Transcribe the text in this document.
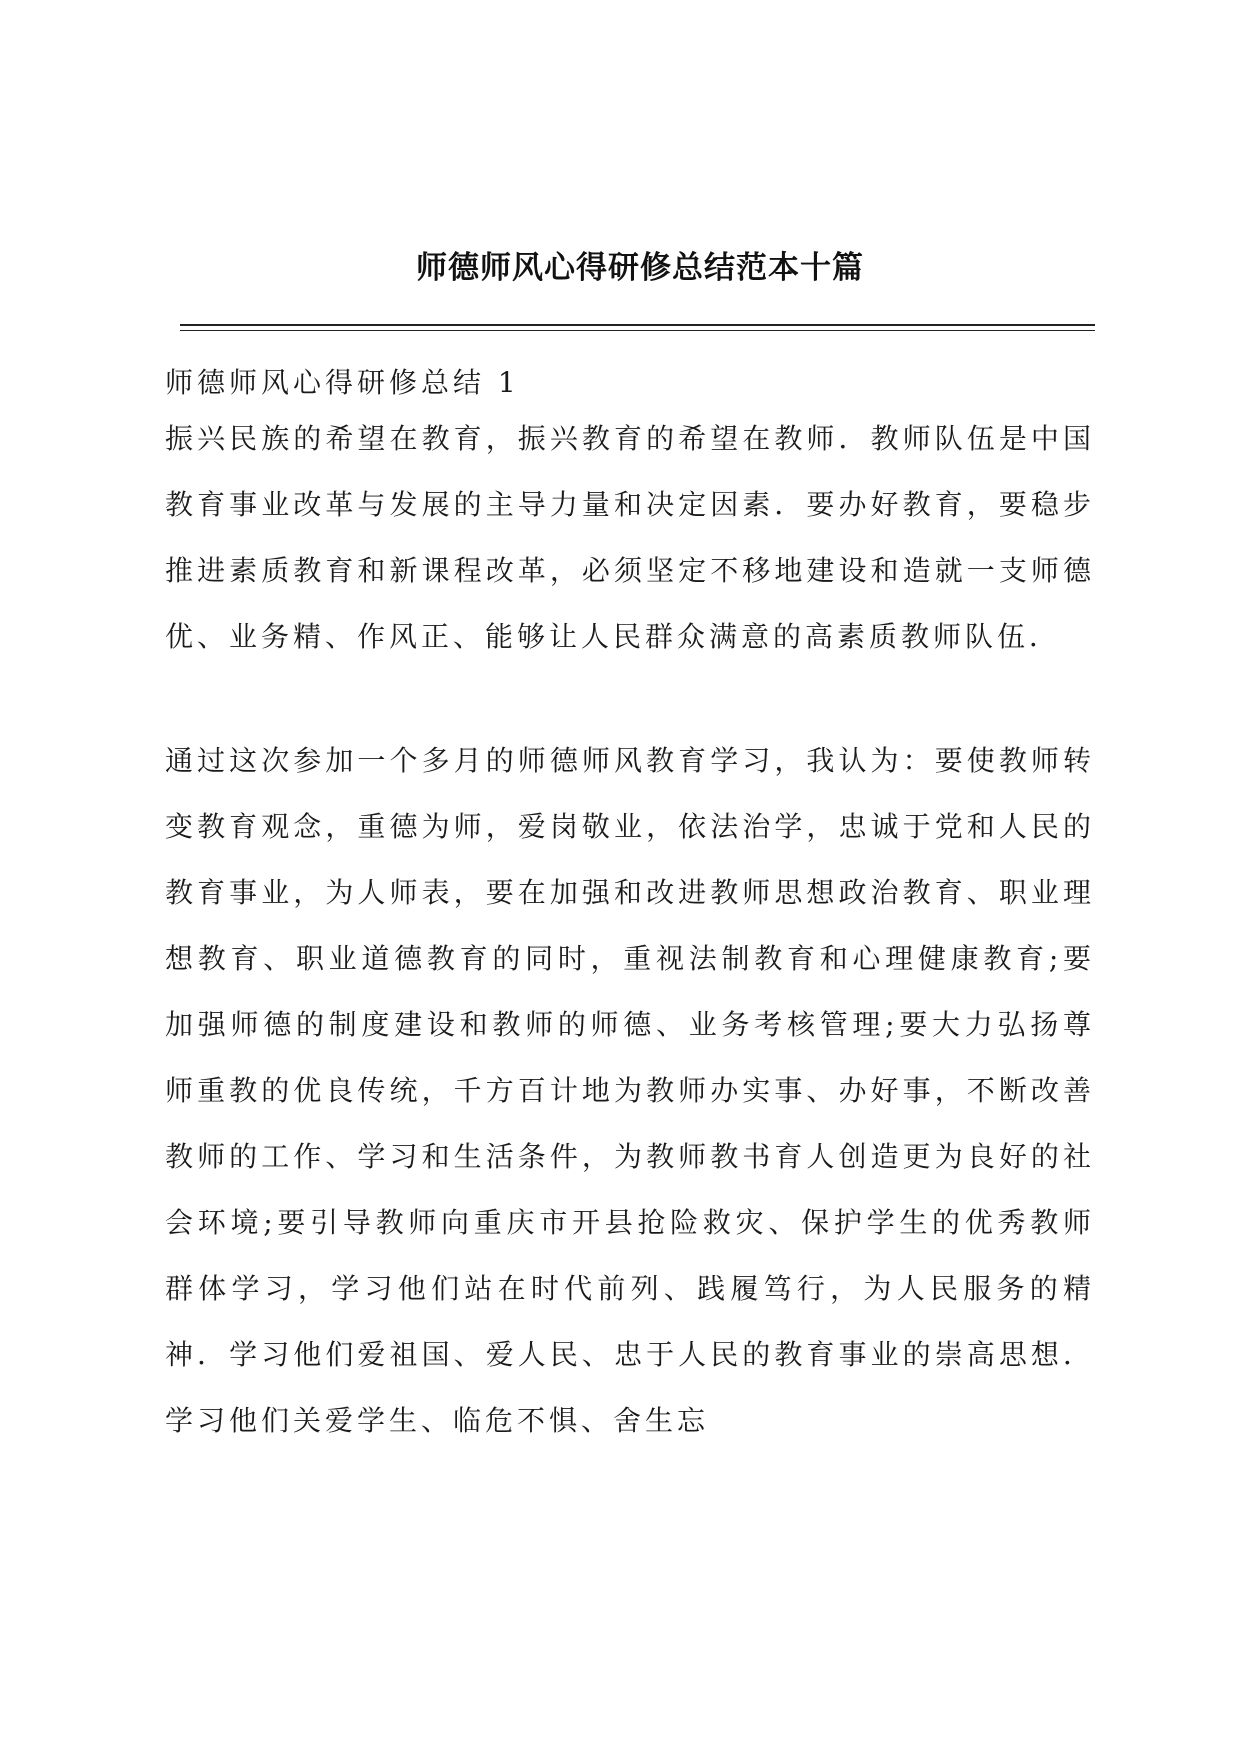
师德师风心得研修总结范本十篇
师德师风心得研修总结 1

振兴民族的希望在教育，振兴教育的希望在教师．教师队伍是中国教育事业改革与发展的主导力量和决定因素．要办好教育，要稳步推进素质教育和新课程改革，必须坚定不移地建设和造就一支师德优、业务精、作风正、能够让人民群众满意的高素质教师队伍．

通过这次参加一个多月的师德师风教育学习，我认为：要使教师转变教育观念，重德为师，爱岗敬业，依法治学，忠诚于党和人民的教育事业，为人师表，要在加强和改进教师思想政治教育、职业理想教育、职业道德教育的同时，重视法制教育和心理健康教育;要加强师德的制度建设和教师的师德、业务考核管理;要大力弘扬尊师重教的优良传统，千方百计地为教师办实事、办好事，不断改善教师的工作、学习和生活条件，为教师教书育人创造更为良好的社会环境;要引导教师向重庆市开县抢险救灾、保护学生的优秀教师群体学习，学习他们站在时代前列、践履笃行，为人民服务的精神．学习他们爱祖国、爱人民、忠于人民的教育事业的崇高思想．学习他们关爱学生、临危不惧、舍生忘
